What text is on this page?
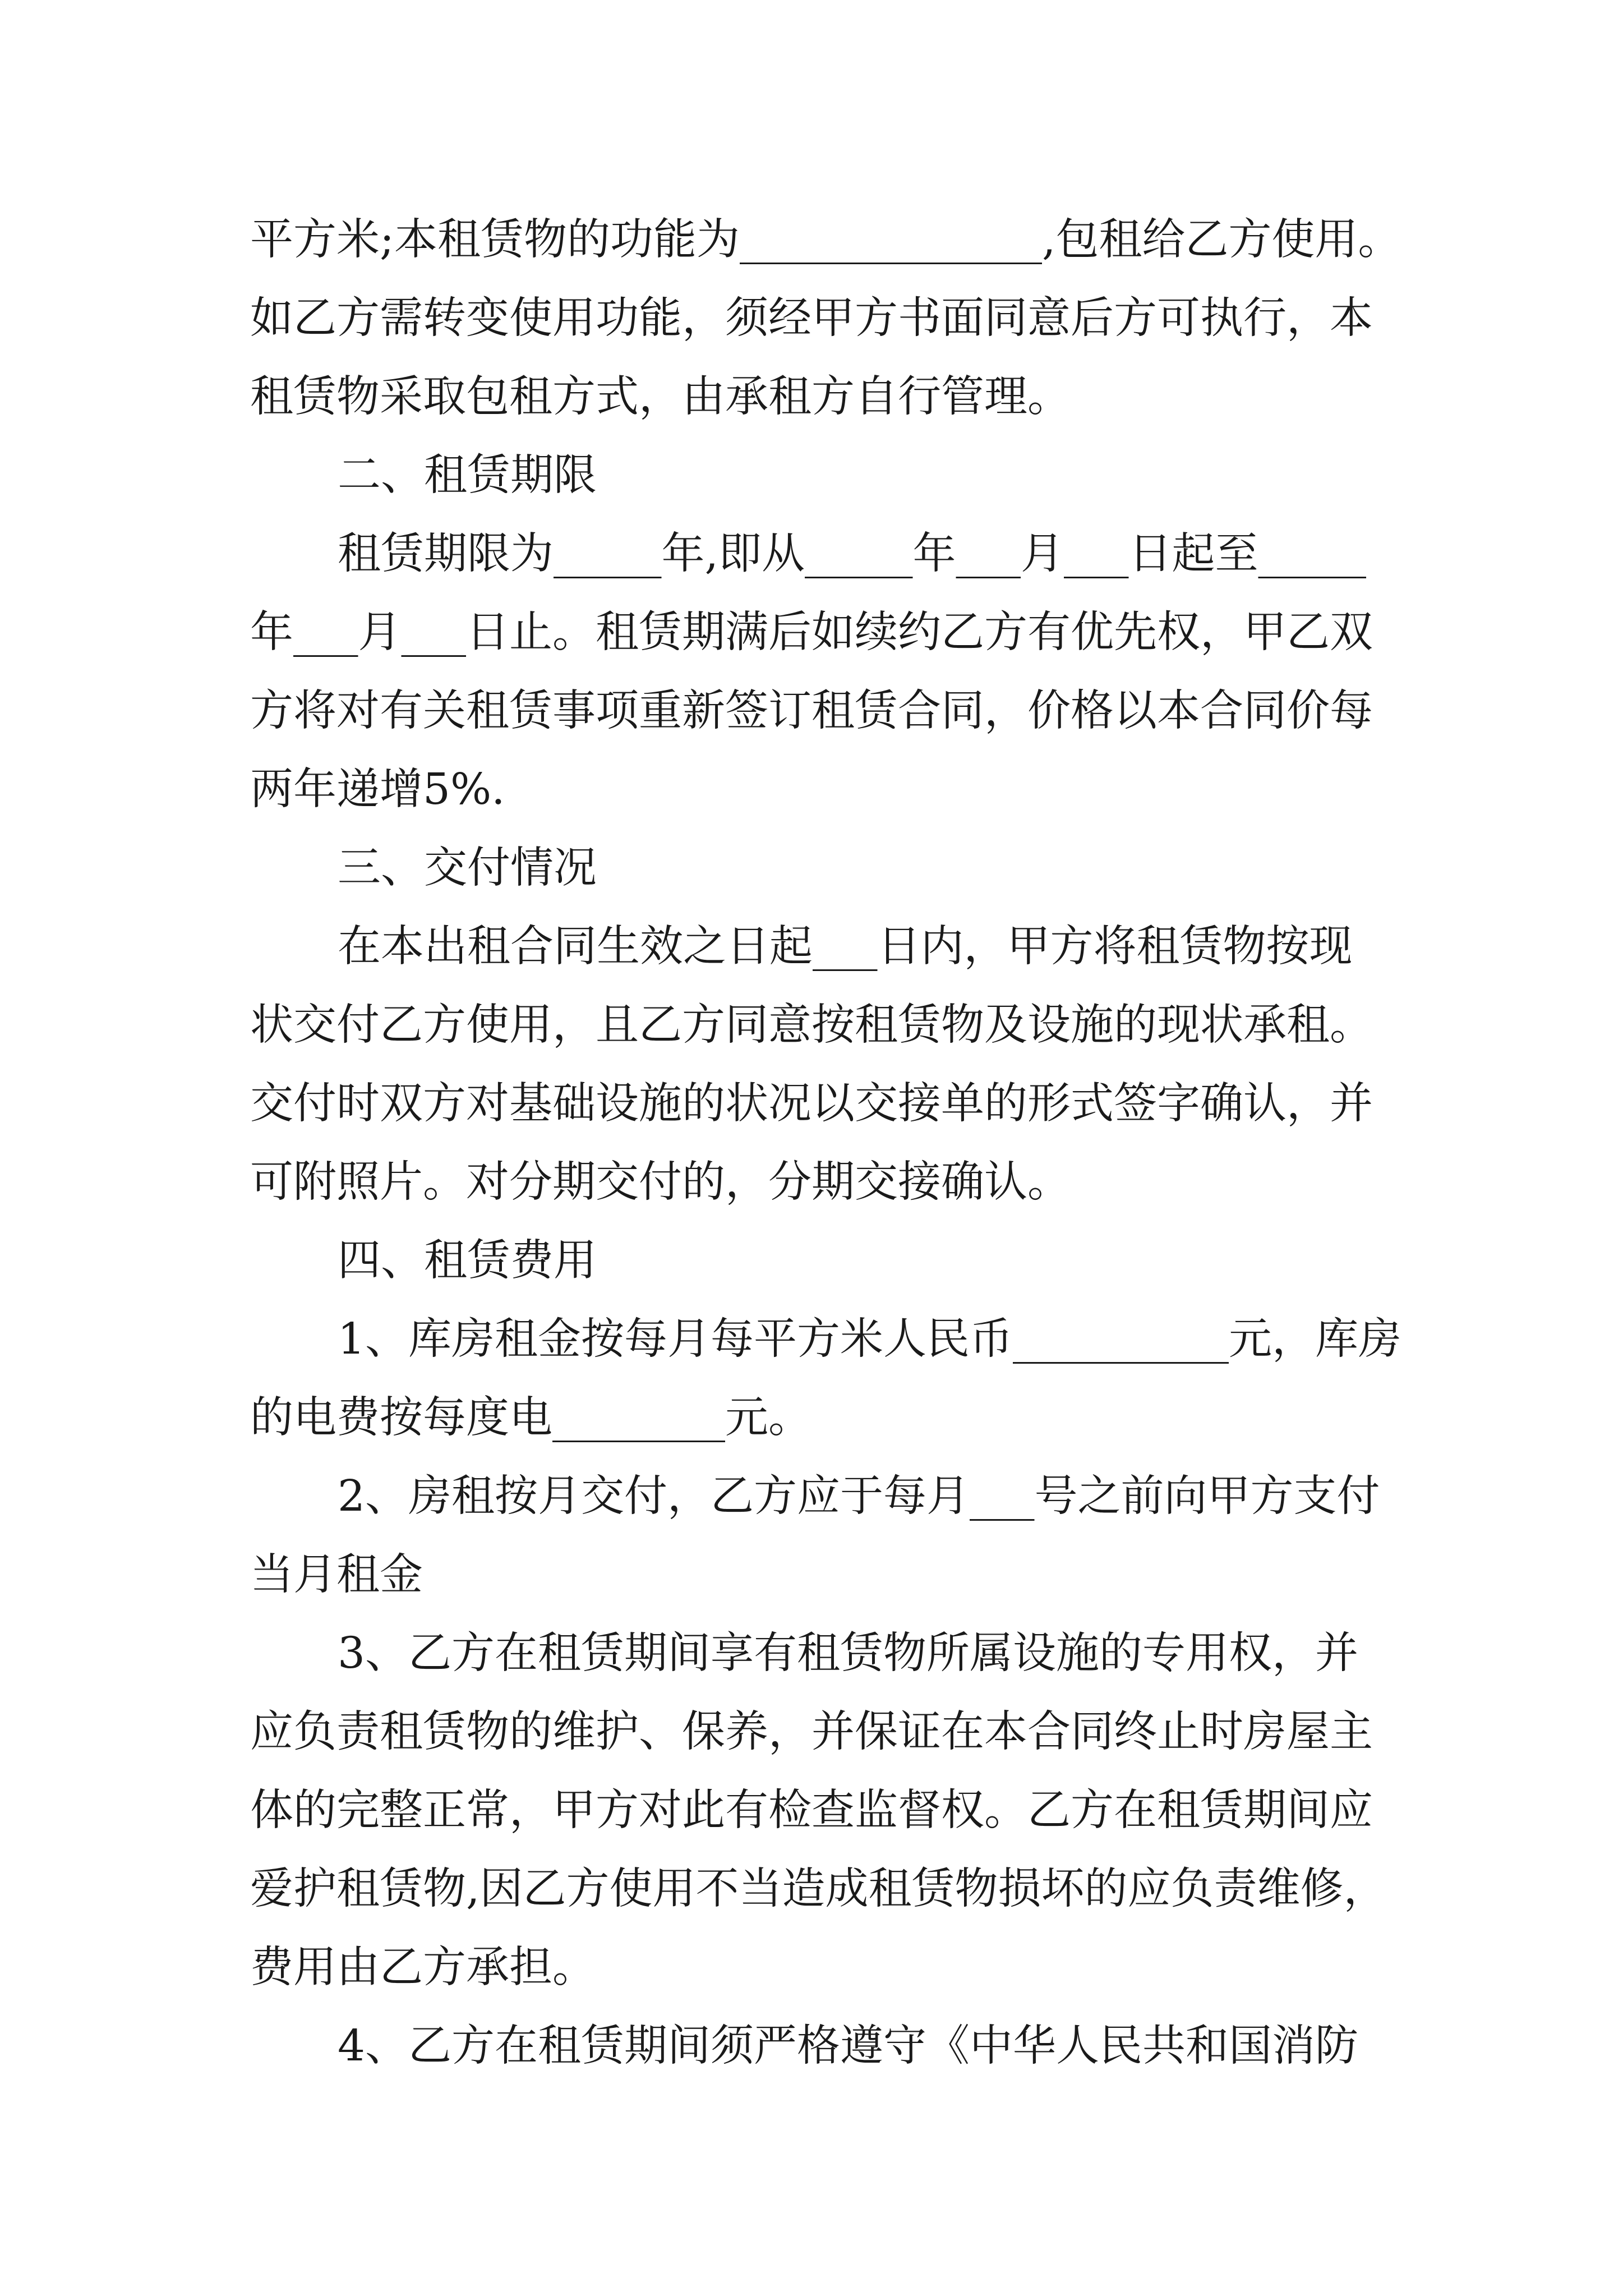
平方米;本租赁物的功能为______________,包租给乙方使用。
如乙方需转变使用功能，须经甲方书面同意后方可执行，本
租赁物采取包租方式，由承租方自行管理。
二、租赁期限
租赁期限为_____年,即从_____年___月___日起至_____
年___月___日止。租赁期满后如续约乙方有优先权，甲乙双
方将对有关租赁事项重新签订租赁合同，价格以本合同价每
两年递增5%.
三、交付情况
在本出租合同生效之日起___日内，甲方将租赁物按现
状交付乙方使用，且乙方同意按租赁物及设施的现状承租。
交付时双方对基础设施的状况以交接单的形式签字确认，并
可附照片。对分期交付的，分期交接确认。
四、租赁费用
1、库房租金按每月每平方米人民币__________元，库房
的电费按每度电________元。
2、房租按月交付，乙方应于每月___号之前向甲方支付
当月租金
3、乙方在租赁期间享有租赁物所属设施的专用权，并
应负责租赁物的维护、保养，并保证在本合同终止时房屋主
体的完整正常，甲方对此有检查监督权。乙方在租赁期间应
爱护租赁物,因乙方使用不当造成租赁物损坏的应负责维修，
费用由乙方承担。
4、乙方在租赁期间须严格遵守《中华人民共和国消防
